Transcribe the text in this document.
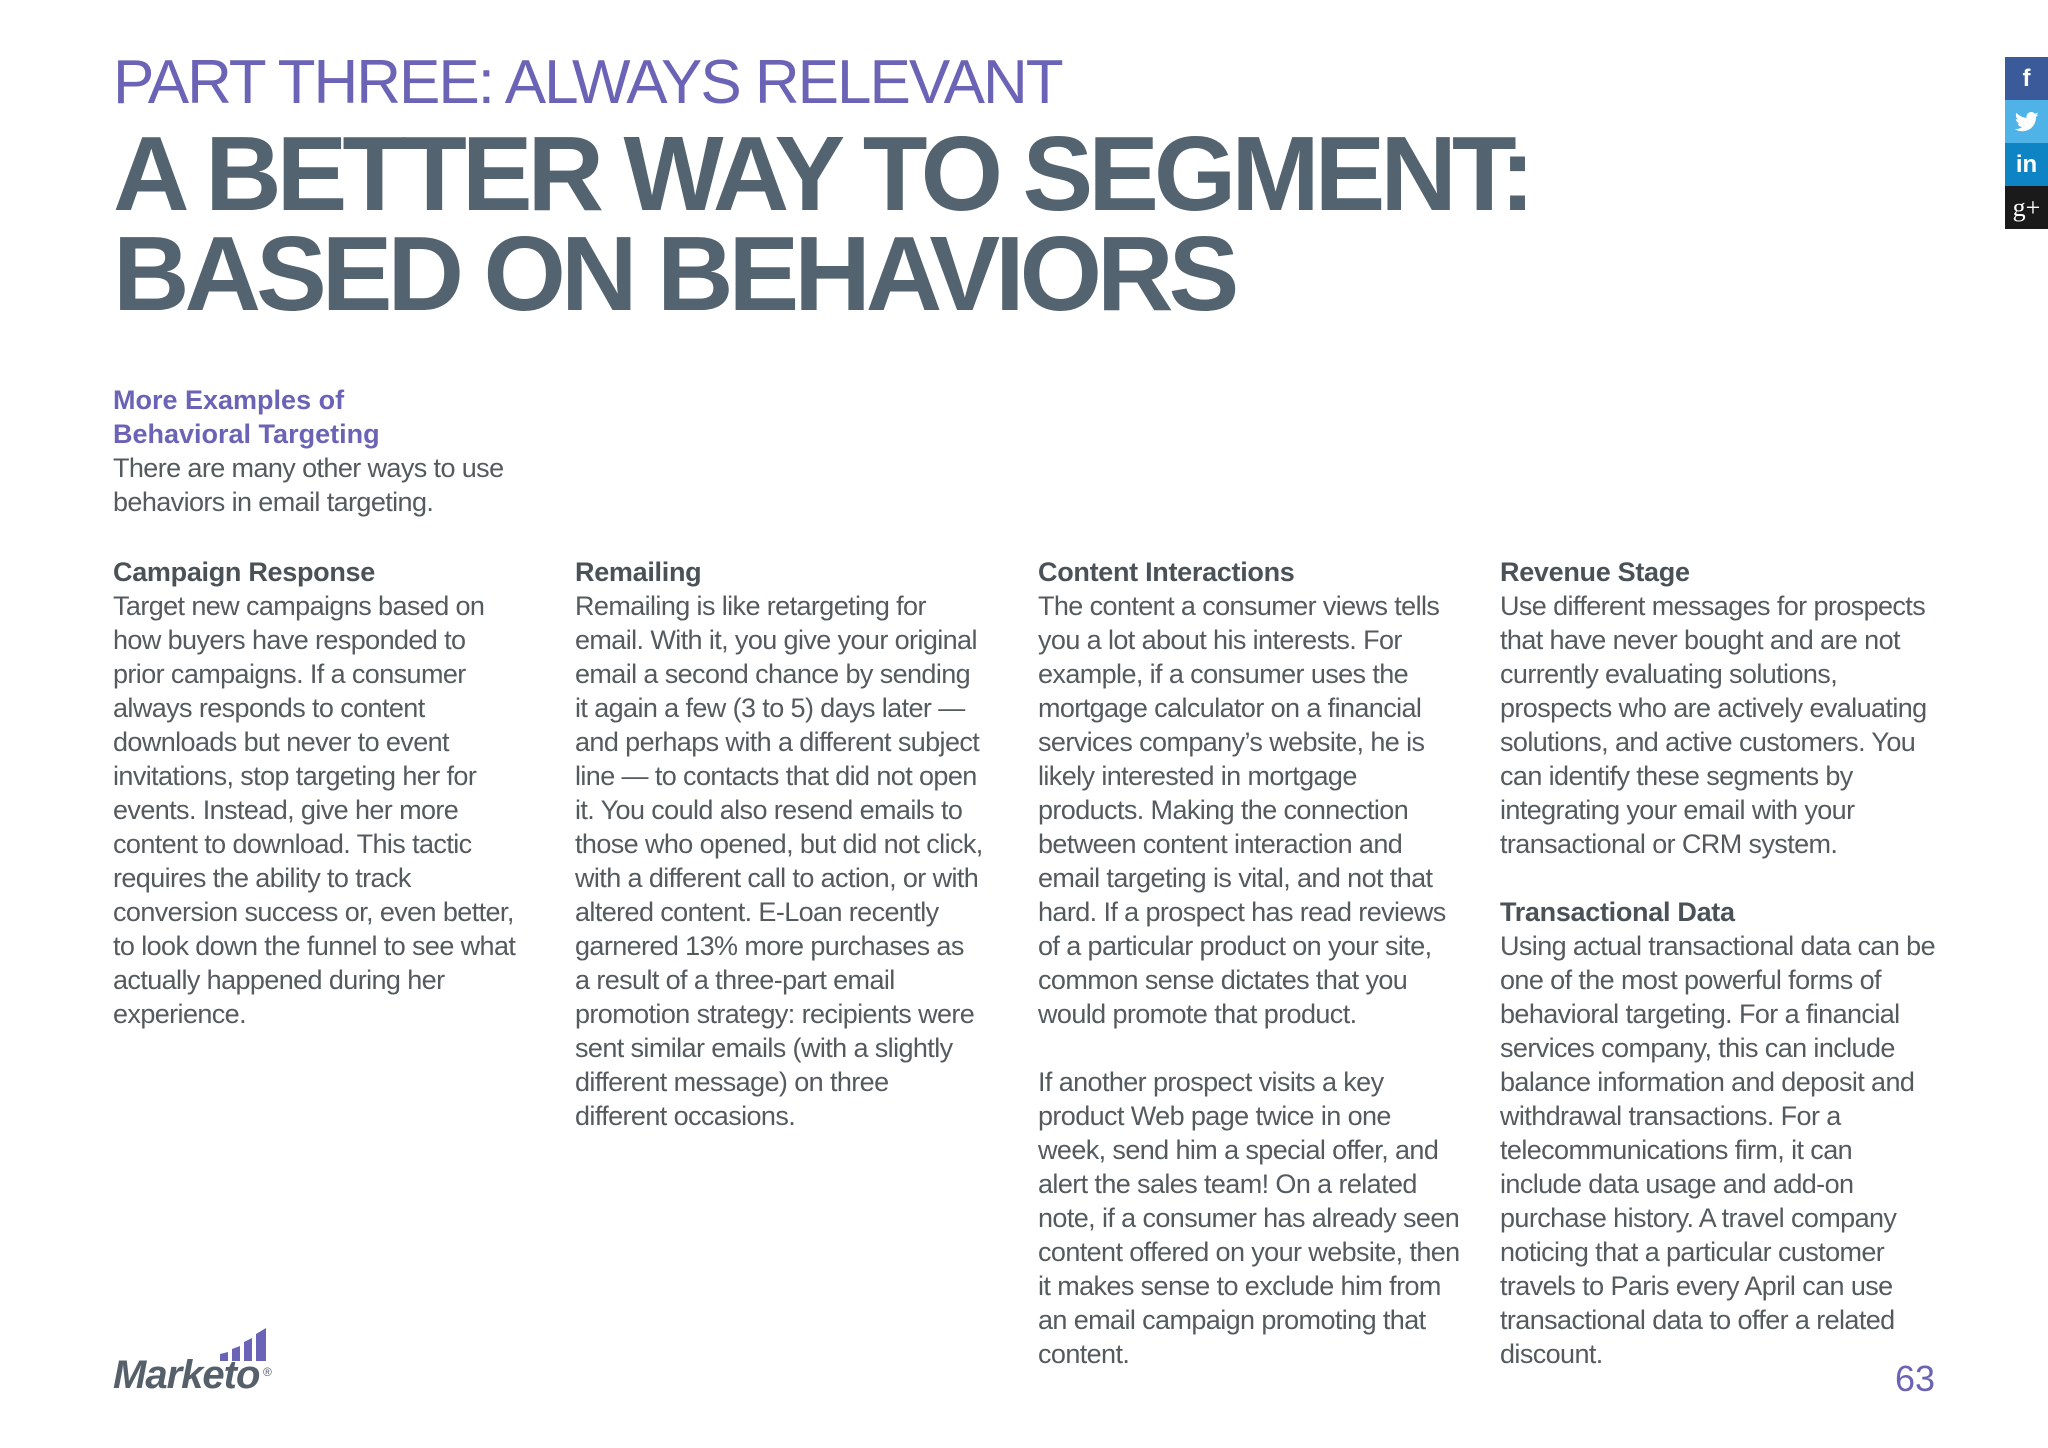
PART THREE: ALWAYS RELEVANT
A BETTER WAY TO SEGMENT:
BASED ON BEHAVIORS
More Examples of
Behavioral Targeting
There are many other ways to use behaviors in email targeting.
Campaign Response

Target new campaigns based on how buyers have responded to prior campaigns. If a consumer always responds to content downloads but never to event invitations, stop targeting her for events. Instead, give her more content to download. This tactic requires the ability to track conversion success or, even better, to look down the funnel to see what actually happened during her experience.

Remailing

Remailing is like retargeting for email. With it, you give your original email a second chance by sending it again a few (3 to 5) days later — and perhaps with a different subject line — to contacts that did not open it. You could also resend emails to those who opened, but did not click, with a different call to action, or with altered content. E-Loan recently garnered 13% more purchases as a result of a three-part email promotion strategy: recipients were sent similar emails (with a slightly different message) on three different occasions.

Content Interactions

The content a consumer views tells you a lot about his interests. For example, if a consumer uses the mortgage calculator on a financial services company’s website, he is likely interested in mortgage products. Making the connection between content interaction and email targeting is vital, and not that hard. If a prospect has read reviews of a particular product on your site, common sense dictates that you would promote that product.

If another prospect visits a key product Web page twice in one week, send him a special offer, and alert the sales team! On a related note, if a consumer has already seen content offered on your website, then it makes sense to exclude him from an email campaign promoting that content.

Revenue Stage

Use different messages for prospects that have never bought and are not currently evaluating solutions, prospects who are actively evaluating solutions, and active customers. You can identify these segments by integrating your email with your transactional or CRM system.

Transactional Data

Using actual transactional data can be one of the most powerful forms of behavioral targeting. For a financial services company, this can include balance information and deposit and withdrawal transactions. For a telecommunications firm, it can include data usage and add-on purchase history. A travel company noticing that a particular customer travels to Paris every April can use transactional data to offer a related discount.

f
in
g+
Marketo ®	63
